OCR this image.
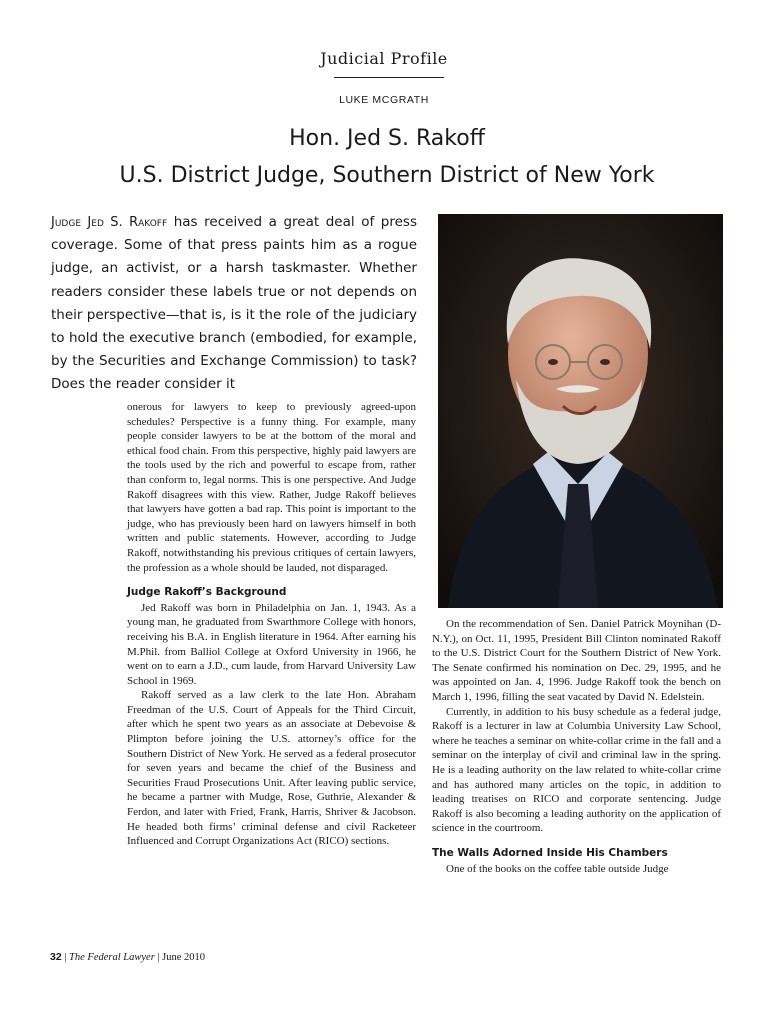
Judicial Profile
LUKE MCGRATH
Hon. Jed S. Rakoff
U.S. District Judge, Southern District of New York
Judge Jed S. Rakoff has received a great deal of press coverage. Some of that press paints him as a rogue judge, an activist, or a harsh taskmaster. Whether readers consider these labels true or not depends on their perspective—that is, is it the role of the judiciary to hold the executive branch (embodied, for example, by the Securities and Exchange Commission) to task? Does the reader consider it

onerous for lawyers to keep to previously agreed-upon schedules? Perspective is a funny thing. For example, many people consider lawyers to be at the bottom of the moral and ethical food chain. From this perspective, highly paid lawyers are the tools used by the rich and powerful to escape from, rather than conform to, legal norms. This is one perspective. And Judge Rakoff disagrees with this view. Rather, Judge Rakoff believes that lawyers have gotten a bad rap. This point is important to the judge, who has previously been hard on lawyers himself in both written and public statements. However, according to Judge Rakoff, notwithstanding his previous critiques of certain lawyers, the profession as a whole should be lauded, not disparaged.

Judge Rakoff’s Background

Jed Rakoff was born in Philadelphia on Jan. 1, 1943. As a young man, he graduated from Swarthmore College with honors, receiving his B.A. in English literature in 1964. After earning his M.Phil. from Balliol College at Oxford University in 1966, he went on to earn a J.D., cum laude, from Harvard University Law School in 1969.

Rakoff served as a law clerk to the late Hon. Abraham Freedman of the U.S. Court of Appeals for the Third Circuit, after which he spent two years as an associate at Debevoise & Plimpton before joining the U.S. attorney’s office for the Southern District of New York. He served as a federal prosecutor for seven years and became the chief of the Business and Securities Fraud Prosecutions Unit. After leaving public service, he became a partner with Mudge, Rose, Guthrie, Alexander & Ferdon, and later with Fried, Frank, Harris, Shriver & Jacobson. He headed both firms’ criminal defense and civil Racketeer Influenced and Corrupt Organizations Act (RICO) sections.

On the recommendation of Sen. Daniel Patrick Moynihan (D-N.Y.), on Oct. 11, 1995, President Bill Clinton nominated Rakoff to the U.S. District Court for the Southern District of New York. The Senate confirmed his nomination on Dec. 29, 1995, and he was appointed on Jan. 4, 1996. Judge Rakoff took the bench on March 1, 1996, filling the seat vacated by David N. Edelstein.

Currently, in addition to his busy schedule as a federal judge, Rakoff is a lecturer in law at Columbia University Law School, where he teaches a seminar on white-collar crime in the fall and a seminar on the interplay of civil and criminal law in the spring. He is a leading authority on the law related to white-collar crime and has authored many articles on the topic, in addition to leading treatises on RICO and corporate sentencing. Judge Rakoff is also becoming a leading authority on the application of science in the courtroom.

The Walls Adorned Inside His Chambers

One of the books on the coffee table outside Judge

32 | The Federal Lawyer | June 2010
